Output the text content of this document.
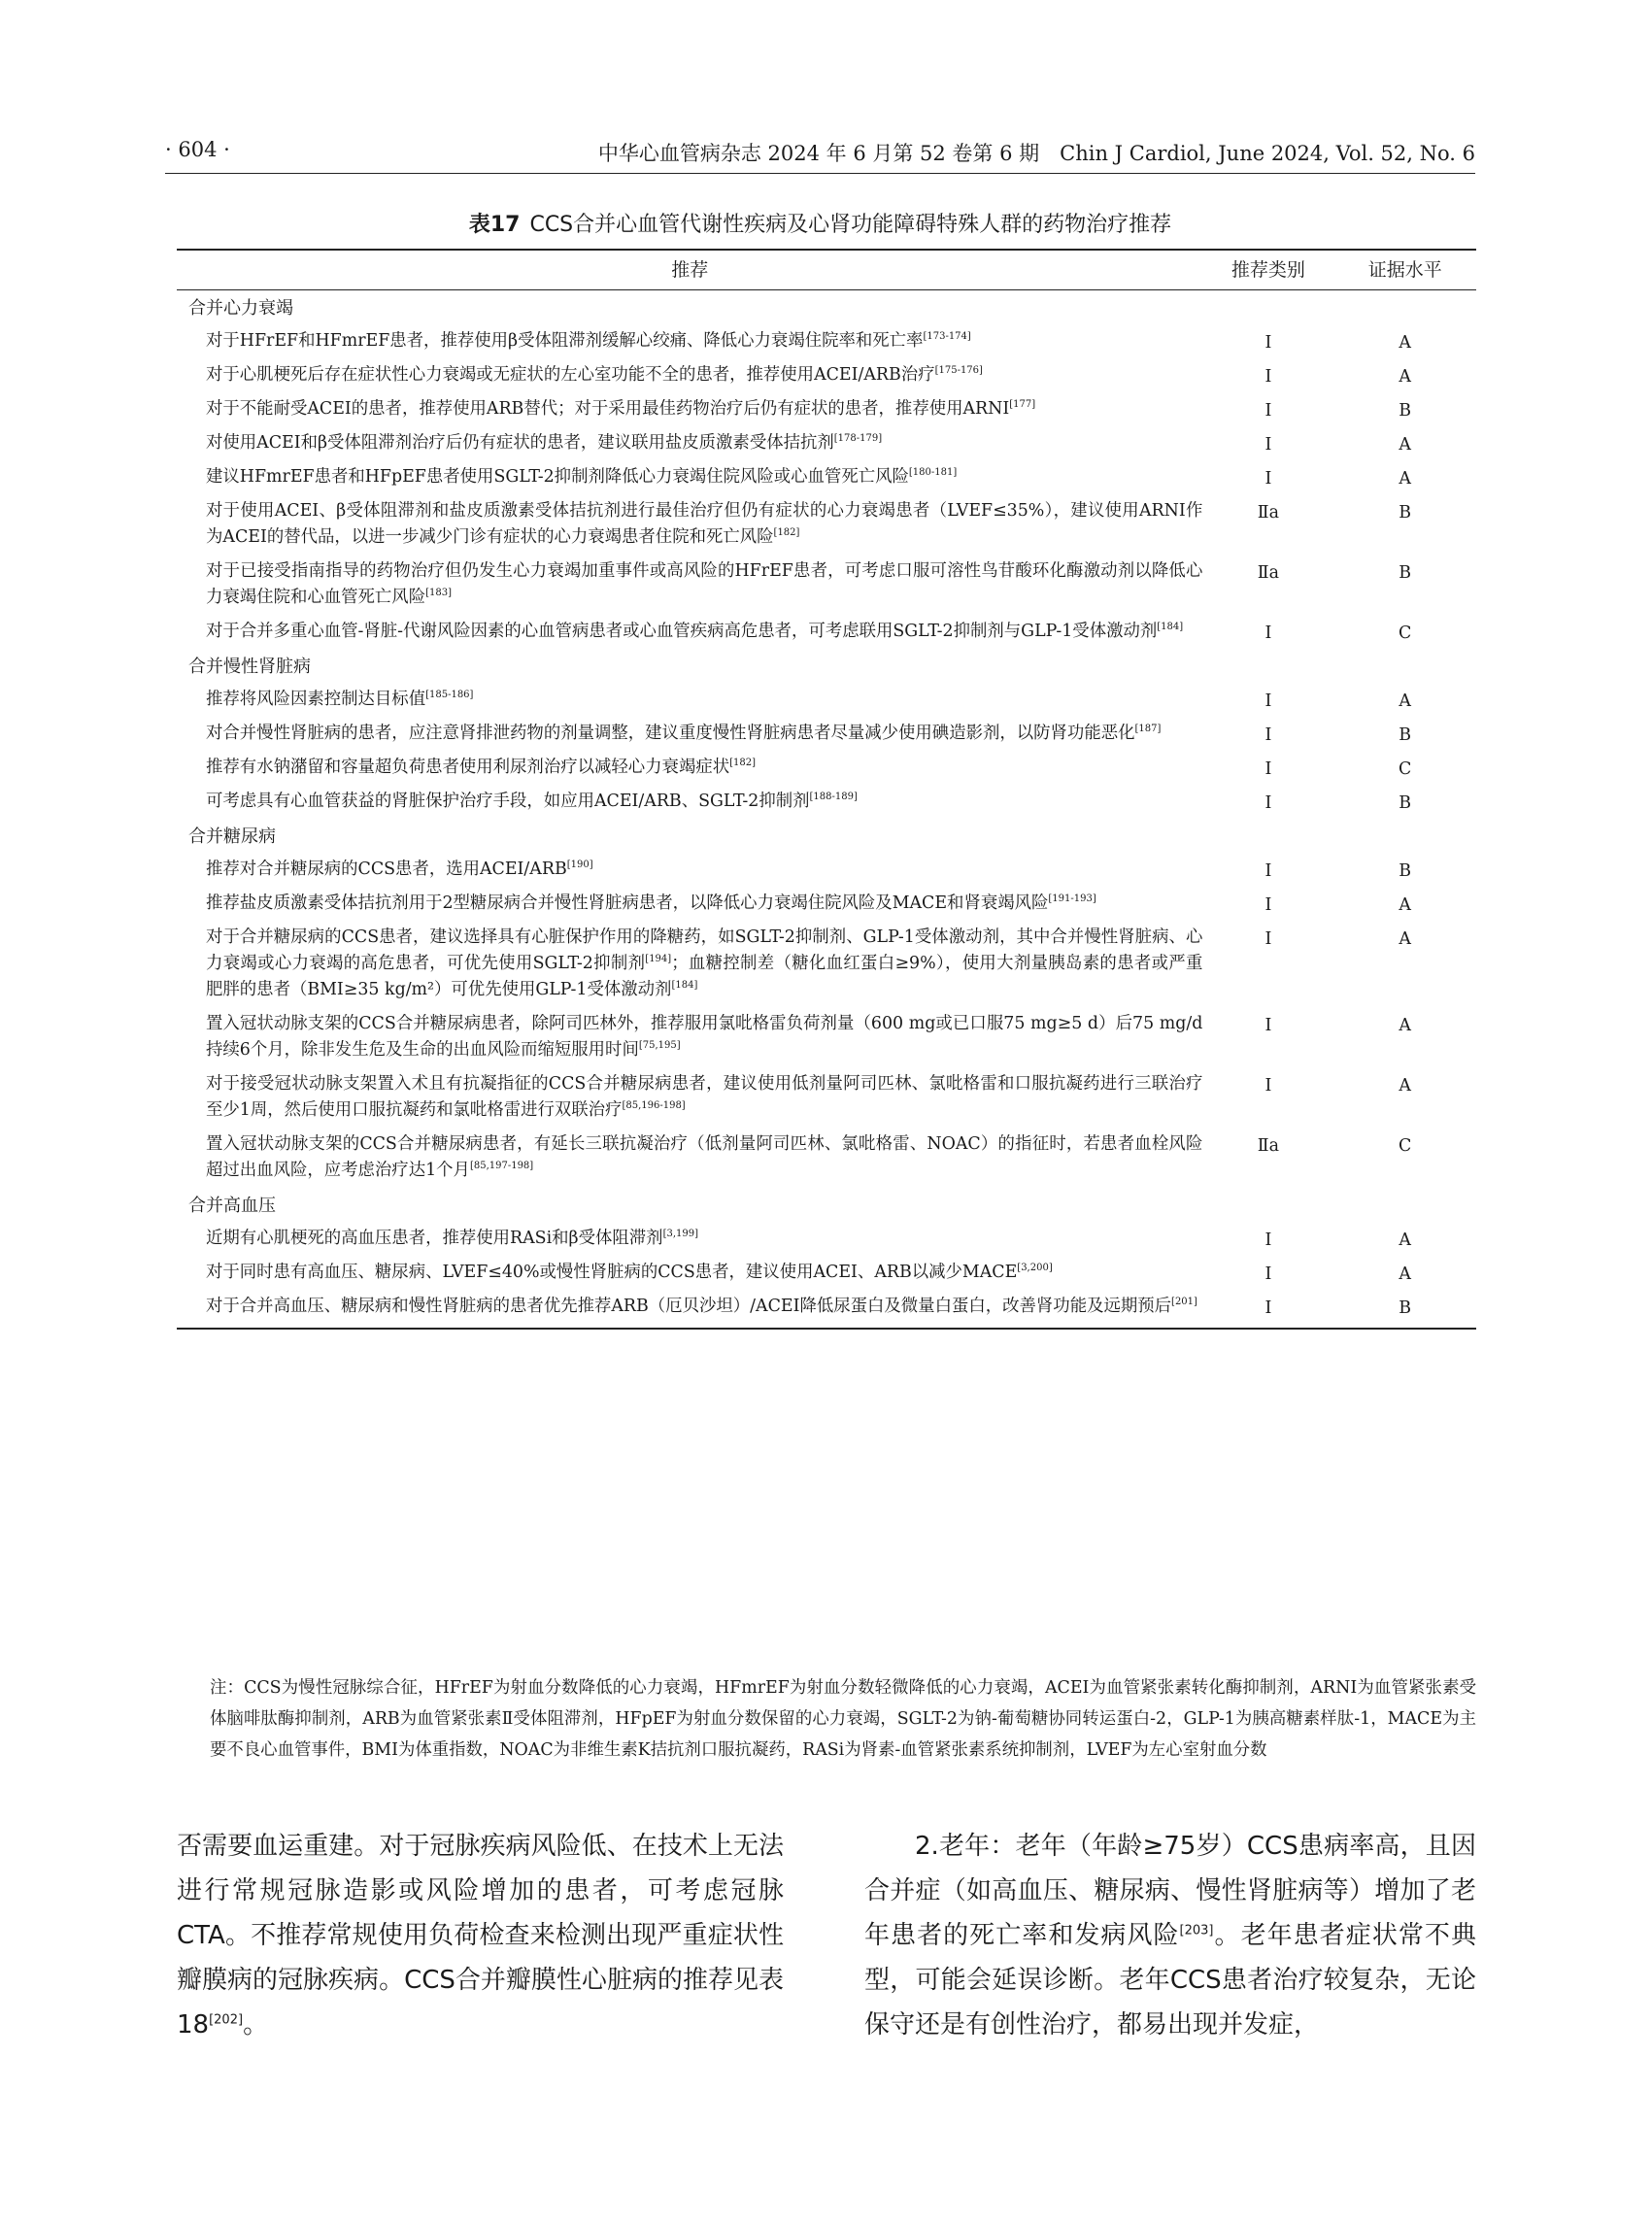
· 604 ·	中华心血管病杂志 2024 年 6 月第 52 卷第 6 期　Chin J Cardiol, June 2024, Vol. 52, No. 6
表17 CCS合并心血管代谢性疾病及心肾功能障碍特殊人群的药物治疗推荐
推荐	推荐类别	证据水平
合并心力衰竭		
对于HFrEF和HFmrEF患者，推荐使用β受体阻滞剂缓解心绞痛、降低心力衰竭住院率和死亡率[173-174]	Ⅰ	A
对于心肌梗死后存在症状性心力衰竭或无症状的左心室功能不全的患者，推荐使用ACEI/ARB治疗[175-176]	Ⅰ	A
对于不能耐受ACEI的患者，推荐使用ARB替代；对于采用最佳药物治疗后仍有症状的患者，推荐使用ARNI[177]	Ⅰ	B
对使用ACEI和β受体阻滞剂治疗后仍有症状的患者，建议联用盐皮质激素受体拮抗剂[178-179]	Ⅰ	A
建议HFmrEF患者和HFpEF患者使用SGLT-2抑制剂降低心力衰竭住院风险或心血管死亡风险[180-181]	Ⅰ	A
对于使用ACEI、β受体阻滞剂和盐皮质激素受体拮抗剂进行最佳治疗但仍有症状的心力衰竭患者（LVEF≤35%），建议使用ARNI作为ACEI的替代品，以进一步减少门诊有症状的心力衰竭患者住院和死亡风险[182]	Ⅱa	B
对于已接受指南指导的药物治疗但仍发生心力衰竭加重事件或高风险的HFrEF患者，可考虑口服可溶性鸟苷酸环化酶激动剂以降低心力衰竭住院和心血管死亡风险[183]	Ⅱa	B
对于合并多重心血管-肾脏-代谢风险因素的心血管病患者或心血管疾病高危患者，可考虑联用SGLT-2抑制剂与GLP-1受体激动剂[184]	Ⅰ	C
合并慢性肾脏病		
推荐将风险因素控制达目标值[185-186]	Ⅰ	A
对合并慢性肾脏病的患者，应注意肾排泄药物的剂量调整，建议重度慢性肾脏病患者尽量减少使用碘造影剂，以防肾功能恶化[187]	Ⅰ	B
推荐有水钠潴留和容量超负荷患者使用利尿剂治疗以减轻心力衰竭症状[182]	Ⅰ	C
可考虑具有心血管获益的肾脏保护治疗手段，如应用ACEI/ARB、SGLT-2抑制剂[188-189]	Ⅰ	B
合并糖尿病		
推荐对合并糖尿病的CCS患者，选用ACEI/ARB[190]	Ⅰ	B
推荐盐皮质激素受体拮抗剂用于2型糖尿病合并慢性肾脏病患者，以降低心力衰竭住院风险及MACE和肾衰竭风险[191-193]	Ⅰ	A
对于合并糖尿病的CCS患者，建议选择具有心脏保护作用的降糖药，如SGLT-2抑制剂、GLP-1受体激动剂，其中合并慢性肾脏病、心力衰竭或心力衰竭的高危患者，可优先使用SGLT-2抑制剂[194]；血糖控制差（糖化血红蛋白≥9%），使用大剂量胰岛素的患者或严重肥胖的患者（BMI≥35 kg/m²）可优先使用GLP-1受体激动剂[184]	Ⅰ	A
置入冠状动脉支架的CCS合并糖尿病患者，除阿司匹林外，推荐服用氯吡格雷负荷剂量（600 mg或已口服75 mg≥5 d）后75 mg/d持续6个月，除非发生危及生命的出血风险而缩短服用时间[75,195]	Ⅰ	A
对于接受冠状动脉支架置入术且有抗凝指征的CCS合并糖尿病患者，建议使用低剂量阿司匹林、氯吡格雷和口服抗凝药进行三联治疗至少1周，然后使用口服抗凝药和氯吡格雷进行双联治疗[85,196-198]	Ⅰ	A
置入冠状动脉支架的CCS合并糖尿病患者，有延长三联抗凝治疗（低剂量阿司匹林、氯吡格雷、NOAC）的指征时，若患者血栓风险超过出血风险，应考虑治疗达1个月[85,197-198]	Ⅱa	C
合并高血压		
近期有心肌梗死的高血压患者，推荐使用RASi和β受体阻滞剂[3,199]	Ⅰ	A
对于同时患有高血压、糖尿病、LVEF≤40%或慢性肾脏病的CCS患者，建议使用ACEI、ARB以减少MACE[3,200]	Ⅰ	A
对于合并高血压、糖尿病和慢性肾脏病的患者优先推荐ARB（厄贝沙坦）/ACEI降低尿蛋白及微量白蛋白，改善肾功能及远期预后[201]	Ⅰ	B
注：CCS为慢性冠脉综合征，HFrEF为射血分数降低的心力衰竭，HFmrEF为射血分数轻微降低的心力衰竭，ACEI为血管紧张素转化酶抑制剂，ARNI为血管紧张素受体脑啡肽酶抑制剂，ARB为血管紧张素Ⅱ受体阻滞剂，HFpEF为射血分数保留的心力衰竭，SGLT-2为钠-葡萄糖协同转运蛋白-2，GLP-1为胰高糖素样肽-1，MACE为主要不良心血管事件，BMI为体重指数，NOAC为非维生素K拮抗剂口服抗凝药，RASi为肾素-血管紧张素系统抑制剂，LVEF为左心室射血分数
否需要血运重建。对于冠脉疾病风险低、在技术上无法进行常规冠脉造影或风险增加的患者，可考虑冠脉CTA。不推荐常规使用负荷检查来检测出现严重症状性瓣膜病的冠脉疾病。CCS合并瓣膜性心脏病的推荐见表18[202]。
2.老年：老年（年龄≥75岁）CCS患病率高，且因合并症（如高血压、糖尿病、慢性肾脏病等）增加了老年患者的死亡率和发病风险[203]。老年患者症状常不典型，可能会延误诊断。老年CCS患者治疗较复杂，无论保守还是有创性治疗，都易出现并发症，
